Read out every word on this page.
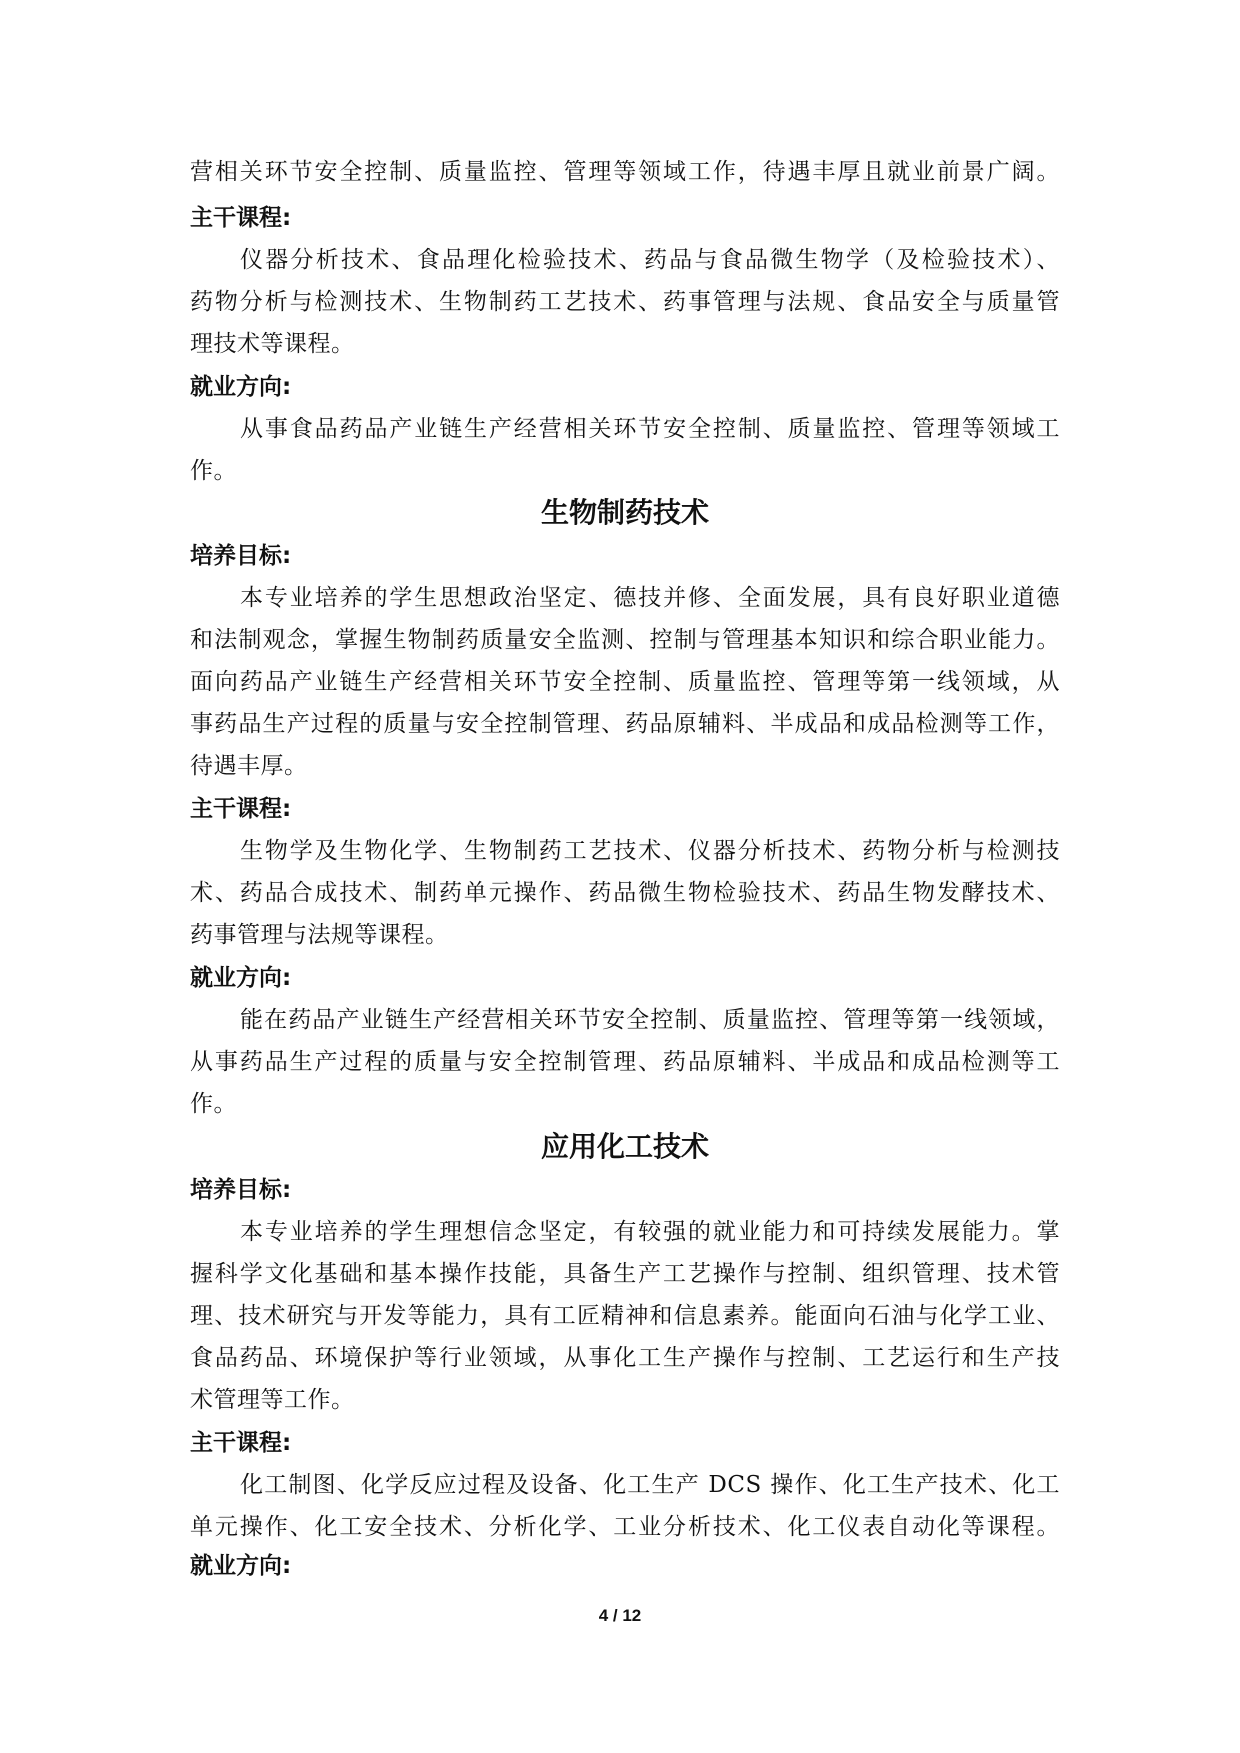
营相关环节安全控制、质量监控、管理等领域工作，待遇丰厚且就业前景广阔。
主干课程:
仪器分析技术、食品理化检验技术、药品与食品微生物学（及检验技术）、
药物分析与检测技术、生物制药工艺技术、药事管理与法规、食品安全与质量管
理技术等课程。
就业方向:
从事食品药品产业链生产经营相关环节安全控制、质量监控、管理等领域工
作。
生物制药技术
培养目标:
本专业培养的学生思想政治坚定、德技并修、全面发展，具有良好职业道德
和法制观念，掌握生物制药质量安全监测、控制与管理基本知识和综合职业能力。
面向药品产业链生产经营相关环节安全控制、质量监控、管理等第一线领域，从
事药品生产过程的质量与安全控制管理、药品原辅料、半成品和成品检测等工作，
待遇丰厚。
主干课程:
生物学及生物化学、生物制药工艺技术、仪器分析技术、药物分析与检测技
术、药品合成技术、制药单元操作、药品微生物检验技术、药品生物发酵技术、
药事管理与法规等课程。
就业方向:
能在药品产业链生产经营相关环节安全控制、质量监控、管理等第一线领域，
从事药品生产过程的质量与安全控制管理、药品原辅料、半成品和成品检测等工
作。
应用化工技术
培养目标:
本专业培养的学生理想信念坚定，有较强的就业能力和可持续发展能力。掌
握科学文化基础和基本操作技能，具备生产工艺操作与控制、组织管理、技术管
理、技术研究与开发等能力，具有工匠精神和信息素养。能面向石油与化学工业、
食品药品、环境保护等行业领域，从事化工生产操作与控制、工艺运行和生产技
术管理等工作。
主干课程:
化工制图、化学反应过程及设备、化工生产 DCS 操作、化工生产技术、化工
单元操作、化工安全技术、分析化学、工业分析技术、化工仪表自动化等课程。
就业方向:
4 / 12
